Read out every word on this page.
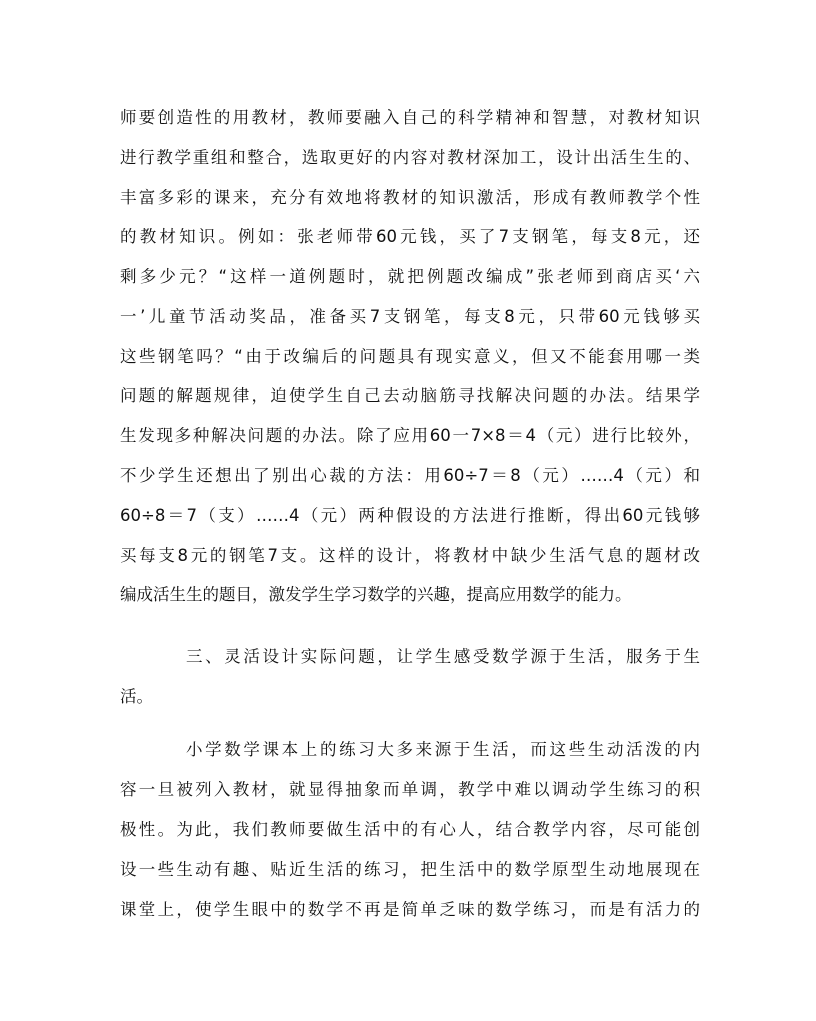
师要创造性的用教材，教师要融入自己的科学精神和智慧，对教材知识
进行教学重组和整合，选取更好的内容对教材深加工，设计出活生生的、
丰富多彩的课来，充分有效地将教材的知识激活，形成有教师教学个性
的教材知识。例如：张老师带60元钱，买了7支钢笔，每支8元，还
剩多少元？“这样一道例题时，就把例题改编成”张老师到商店买‘六
一’儿童节活动奖品，准备买7支钢笔，每支8元，只带60元钱够买
这些钢笔吗？“由于改编后的问题具有现实意义，但又不能套用哪一类
问题的解题规律，迫使学生自己去动脑筋寻找解决问题的办法。结果学
生发现多种解决问题的办法。除了应用60一7×8＝4（元）进行比较外，
不少学生还想出了别出心裁的方法：用60÷7＝8（元）……4（元）和
60÷8＝7（支）……4（元）两种假设的方法进行推断，得出60元钱够
买每支8元的钢笔7支。这样的设计，将教材中缺少生活气息的题材改
编成活生生的题目，激发学生学习数学的兴趣，提高应用数学的能力。
三、灵活设计实际问题，让学生感受数学源于生活，服务于生
活。
小学数学课本上的练习大多来源于生活，而这些生动活泼的内
容一旦被列入教材，就显得抽象而单调，教学中难以调动学生练习的积
极性。为此，我们教师要做生活中的有心人，结合教学内容，尽可能创
设一些生动有趣、贴近生活的练习，把生活中的数学原型生动地展现在
课堂上，使学生眼中的数学不再是简单乏味的数学练习，而是有活力的
